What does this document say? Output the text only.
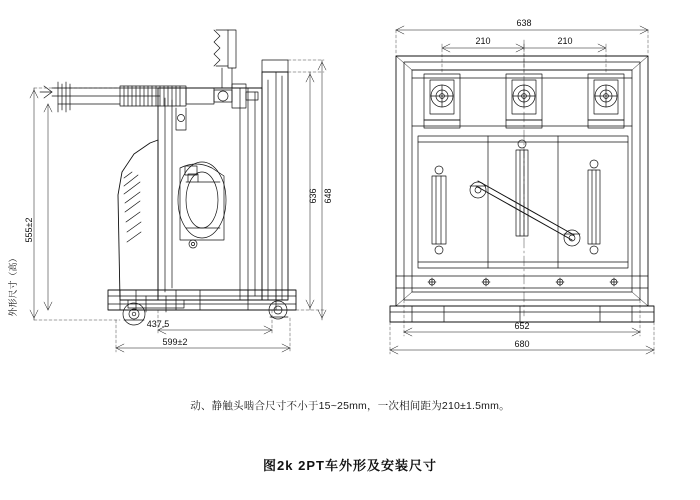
437.5
599±2
638
210	210
652
680
555±2
外形尺寸（高）
636 648
动、静触头啮合尺寸不小于15~25mm，一次相间距为210±1.5mm。
图2k 2PT车外形及安装尺寸
